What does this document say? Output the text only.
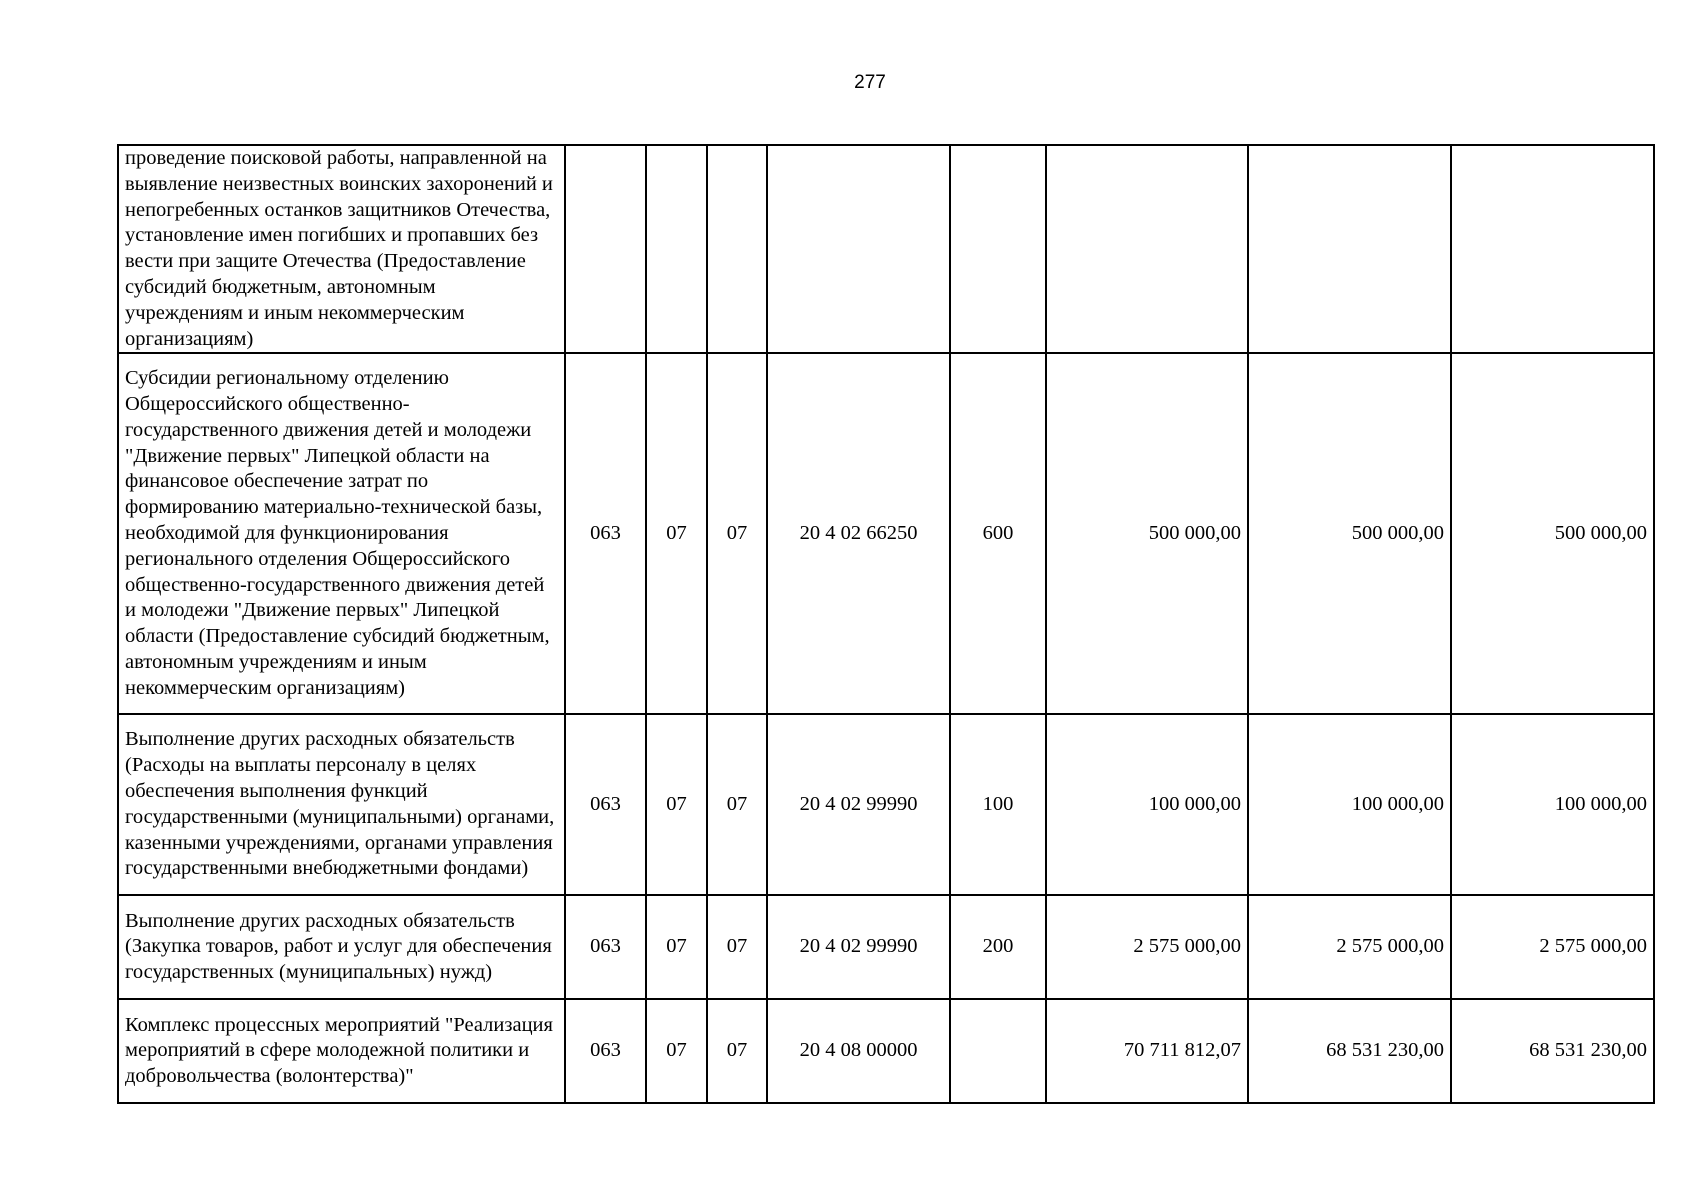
277
проведение поисковой работы, направленной на выявление неизвестных воинских захоронений и непогребенных останков защитников Отечества, установление имен погибших и пропавших без вести при защите Отечества (Предоставление субсидий бюджетным, автономным учреждениям и иным некоммерческим организациям)								
Субсидии региональному отделению Общероссийского общественно-государственного движения детей и молодежи "Движение первых" Липецкой области на финансовое обеспечение затрат по формированию материально-технической базы, необходимой для функционирования регионального отделения Общероссийского общественно-государственного движения детей и молодежи "Движение первых" Липецкой области (Предоставление субсидий бюджетным, автономным учреждениям и иным некоммерческим организациям)	063	07	07	20 4 02 66250	600	500 000,00	500 000,00	500 000,00
Выполнение других расходных обязательств (Расходы на выплаты персоналу в целях обеспечения выполнения функций государственными (муниципальными) органами, казенными учреждениями, органами управления государственными внебюджетными фондами)	063	07	07	20 4 02 99990	100	100 000,00	100 000,00	100 000,00
Выполнение других расходных обязательств (Закупка товаров, работ и услуг для обеспечения государственных (муниципальных) нужд)	063	07	07	20 4 02 99990	200	2 575 000,00	2 575 000,00	2 575 000,00
Комплекс процессных мероприятий "Реализация мероприятий в сфере молодежной политики и добровольчества (волонтерства)"	063	07	07	20 4 08 00000		70 711 812,07	68 531 230,00	68 531 230,00
